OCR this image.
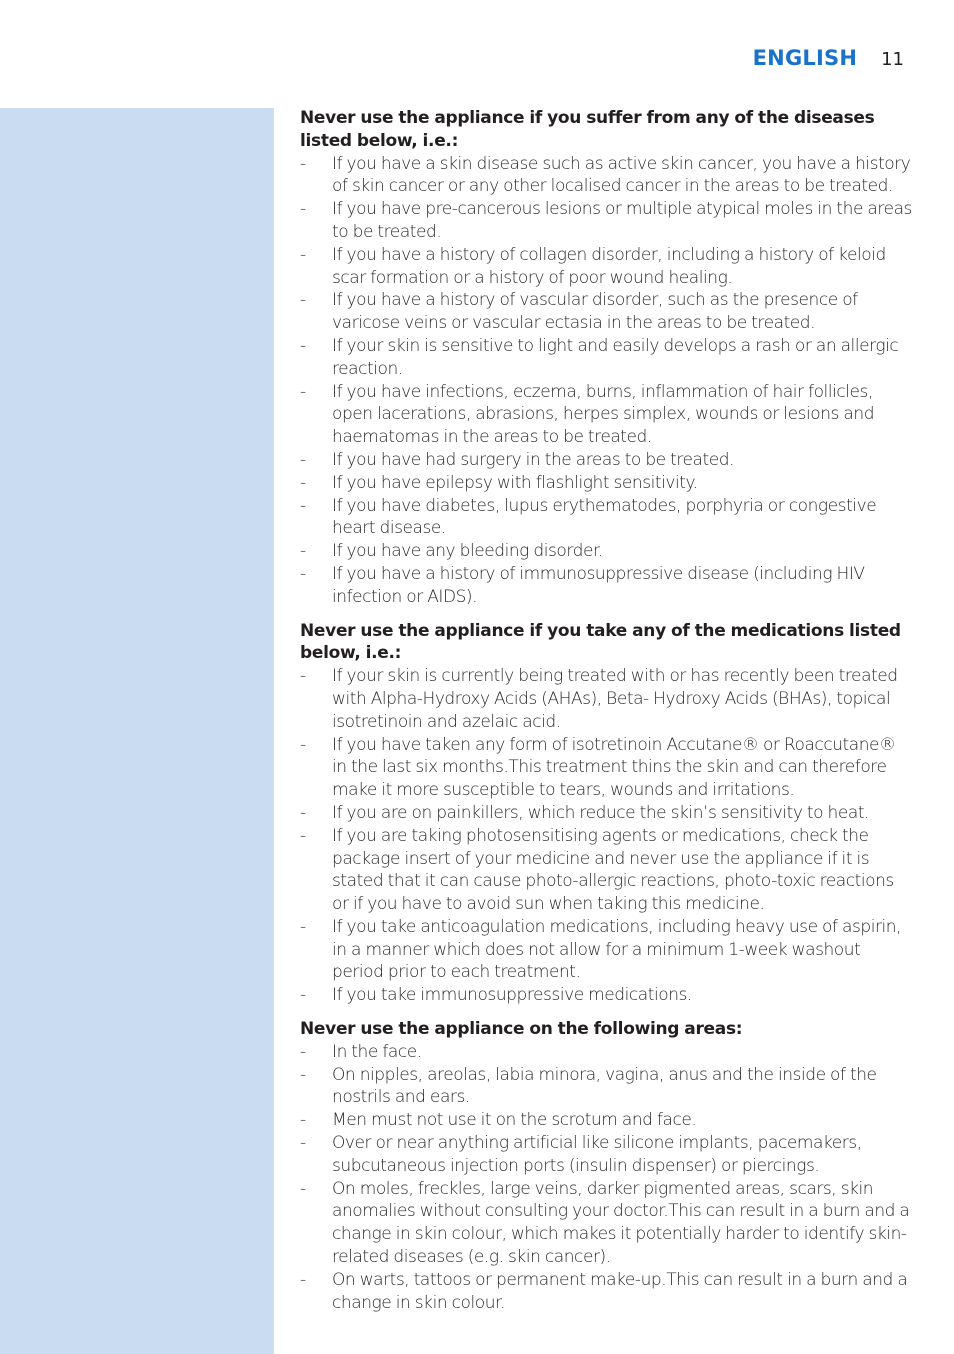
ENGLISH 11

Never use the appliance if you suffer from any of the diseases listed below, i.e.:

- If you have a skin disease such as active skin cancer, you have a history of skin cancer or any other localised cancer in the areas to be treated.
- If you have pre-cancerous lesions or multiple atypical moles in the areas to be treated.
- If you have a history of collagen disorder, including a history of keloid scar formation or a history of poor wound healing.
- If you have a history of vascular disorder, such as the presence of varicose veins or vascular ectasia in the areas to be treated.
- If your skin is sensitive to light and easily develops a rash or an allergic reaction.
- If you have infections, eczema, burns, inflammation of hair follicles, open lacerations, abrasions, herpes simplex, wounds or lesions and haematomas in the areas to be treated.
- If you have had surgery in the areas to be treated.
- If you have epilepsy with flashlight sensitivity.
- If you have diabetes, lupus erythematodes, porphyria or congestive heart disease.
- If you have any bleeding disorder.
- If you have a history of immunosuppressive disease (including HIV infection or AIDS).

Never use the appliance if you take any of the medications listed below, i.e.:

- If your skin is currently being treated with or has recently been treated with Alpha-Hydroxy Acids (AHAs), Beta- Hydroxy Acids (BHAs), topical isotretinoin and azelaic acid.
- If you have taken any form of isotretinoin Accutane® or Roaccutane® in the last six months.This treatment thins the skin and can therefore make it more susceptible to tears, wounds and irritations.
- If you are on painkillers, which reduce the skin’s sensitivity to heat.
- If you are taking photosensitising agents or medications, check the package insert of your medicine and never use the appliance if it is stated that it can cause photo-allergic reactions, photo-toxic reactions or if you have to avoid sun when taking this medicine.
- If you take anticoagulation medications, including heavy use of aspirin, in a manner which does not allow for a minimum 1-week washout period prior to each treatment.
- If you take immunosuppressive medications.

Never use the appliance on the following areas:

- In the face.
- On nipples, areolas, labia minora, vagina, anus and the inside of the nostrils and ears.
- Men must not use it on the scrotum and face.
- Over or near anything artificial like silicone implants, pacemakers, subcutaneous injection ports (insulin dispenser) or piercings.
- On moles, freckles, large veins, darker pigmented areas, scars, skin anomalies without consulting your doctor.This can result in a burn and a change in skin colour, which makes it potentially harder to identify skin-related diseases (e.g. skin cancer).
- On warts, tattoos or permanent make-up.This can result in a burn and a change in skin colour.
